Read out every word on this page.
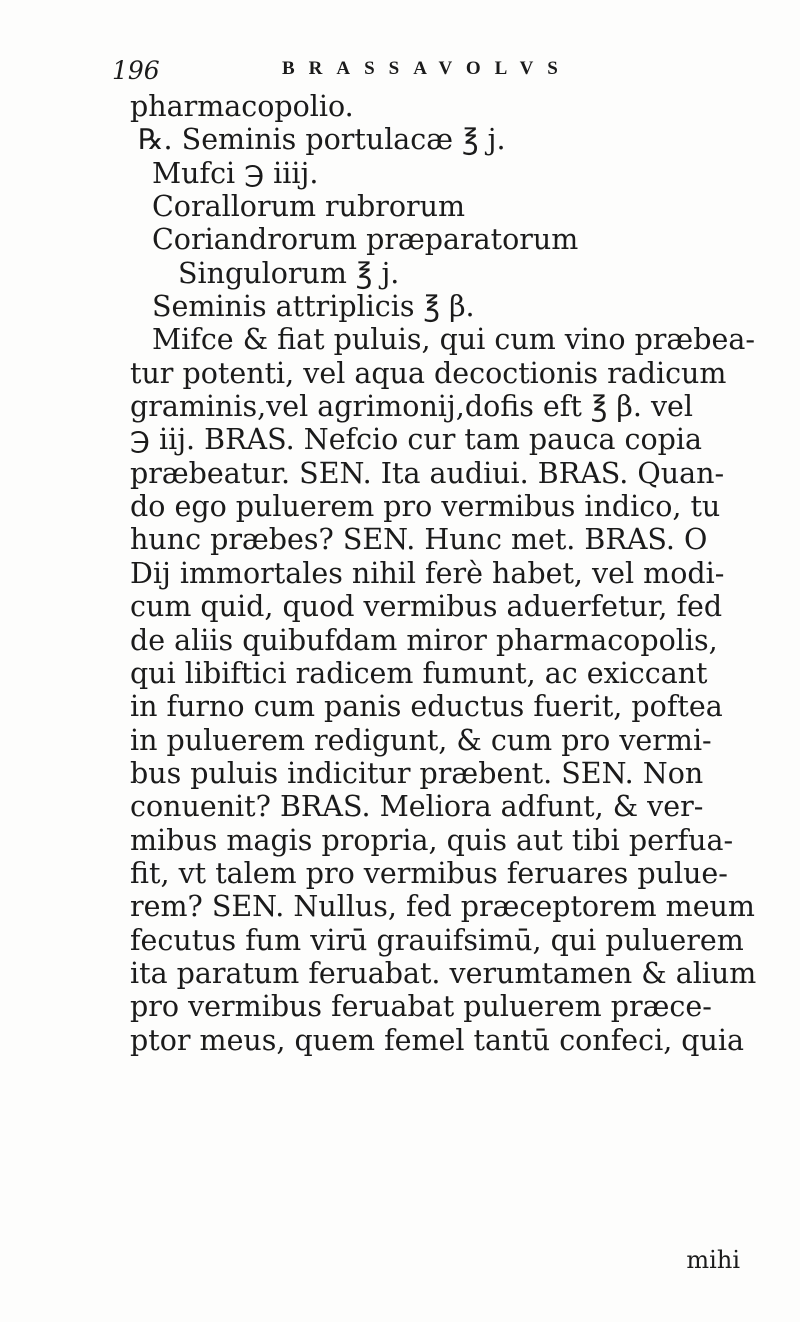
196	BRASSAVOLVS
pharmacopolio.
℞. Seminis portulacæ ℥ j.
Mufci ℈ iiij.
Corallorum rubrorum
Coriandrorum præparatorum
Singulorum ℥ j.
Seminis attriplicis ℥ β.
Mifce & fiat puluis, qui cum vino præbea-
tur potenti, vel aqua decoctionis radicum
graminis,vel agrimonij,dofis eft ℥ β. vel
℈ iij. BRAS. Nefcio cur tam pauca copia
præbeatur. SEN. Ita audiui. BRAS. Quan-
do ego puluerem pro vermibus indico, tu
hunc præbes? SEN. Hunc met. BRAS. O
Dij immortales nihil ferè habet, vel modi-
cum quid, quod vermibus aduerfetur, fed
de aliis quibufdam miror pharmacopolis,
qui libiftici radicem fumunt, ac exiccant
in furno cum panis eductus fuerit, poftea
in puluerem redigunt, & cum pro vermi-
bus puluis indicitur præbent. SEN. Non
conuenit? BRAS. Meliora adfunt, & ver-
mibus magis propria, quis aut tibi perfua-
fit, vt talem pro vermibus feruares pulue-
rem? SEN. Nullus, fed præceptorem meum
fecutus fum virū grauifsimū, qui puluerem
ita paratum feruabat. verumtamen & alium
pro vermibus feruabat puluerem præce-
ptor meus, quem femel tantū confeci, quia
mihi
